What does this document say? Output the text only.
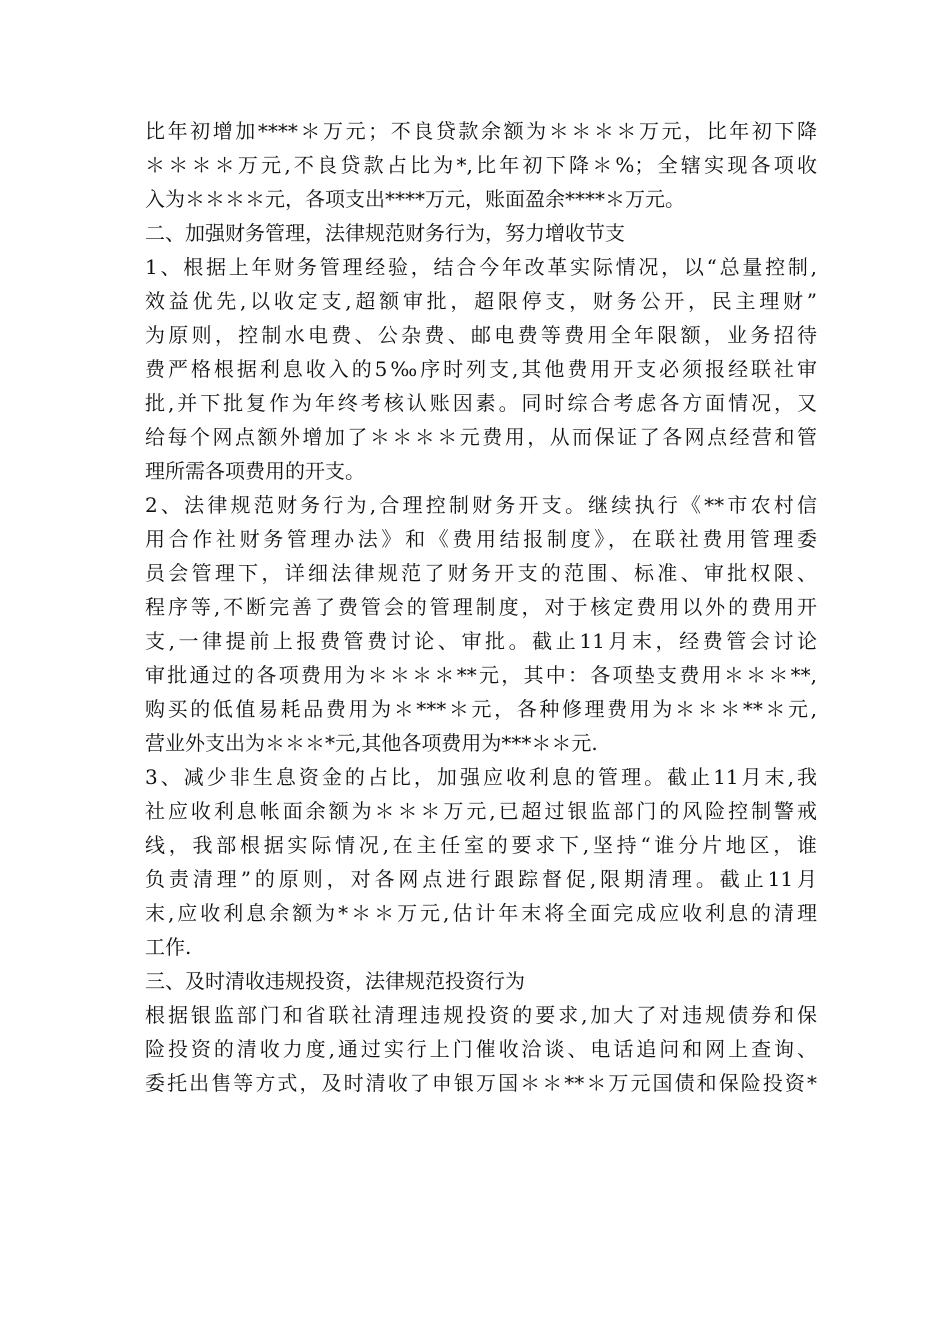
比年初增加****＊万元；不良贷款余额为＊＊＊＊万元，比年初下降
＊＊＊＊万元,不良贷款占比为*,比年初下降＊%；全辖实现各项收
入为＊＊＊＊元，各项支出****万元，账面盈余****＊万元。
二、加强财务管理，法律规范财务行为，努力增收节支
1、根据上年财务管理经验，结合今年改革实际情况，以“总量控制,
效益优先,以收定支,超额审批，超限停支，财务公开，民主理财”
为原则，控制水电费、公杂费、邮电费等费用全年限额，业务招待
费严格根据利息收入的5‰序时列支,其他费用开支必须报经联社审
批,并下批复作为年终考核认账因素。同时综合考虑各方面情况，又
给每个网点额外增加了＊＊＊＊元费用，从而保证了各网点经营和管
理所需各项费用的开支。
2、法律规范财务行为,合理控制财务开支。继续执行《**市农村信
用合作社财务管理办法》和《费用结报制度》，在联社费用管理委
员会管理下，详细法律规范了财务开支的范围、标准、审批权限、
程序等,不断完善了费管会的管理制度，对于核定费用以外的费用开
支,一律提前上报费管费讨论、审批。截止11月末，经费管会讨论
审批通过的各项费用为＊＊＊＊**元，其中：各项垫支费用＊＊＊**,
购买的低值易耗品费用为＊***＊元，各种修理费用为＊＊＊**＊元,
营业外支出为＊＊＊*元,其他各项费用为***＊＊元.
3、减少非生息资金的占比，加强应收利息的管理。截止11月末,我
社应收利息帐面余额为＊＊＊万元,已超过银监部门的风险控制警戒
线，我部根据实际情况,在主任室的要求下,坚持“谁分片地区，谁
负责清理”的原则，对各网点进行跟踪督促,限期清理。截止11月
末,应收利息余额为*＊＊万元,估计年末将全面完成应收利息的清理
工作.
三、及时清收违规投资，法律规范投资行为
根据银监部门和省联社清理违规投资的要求,加大了对违规债券和保
险投资的清收力度,通过实行上门催收洽谈、电话追问和网上查询、
委托出售等方式，及时清收了申银万国＊＊**＊万元国债和保险投资*
